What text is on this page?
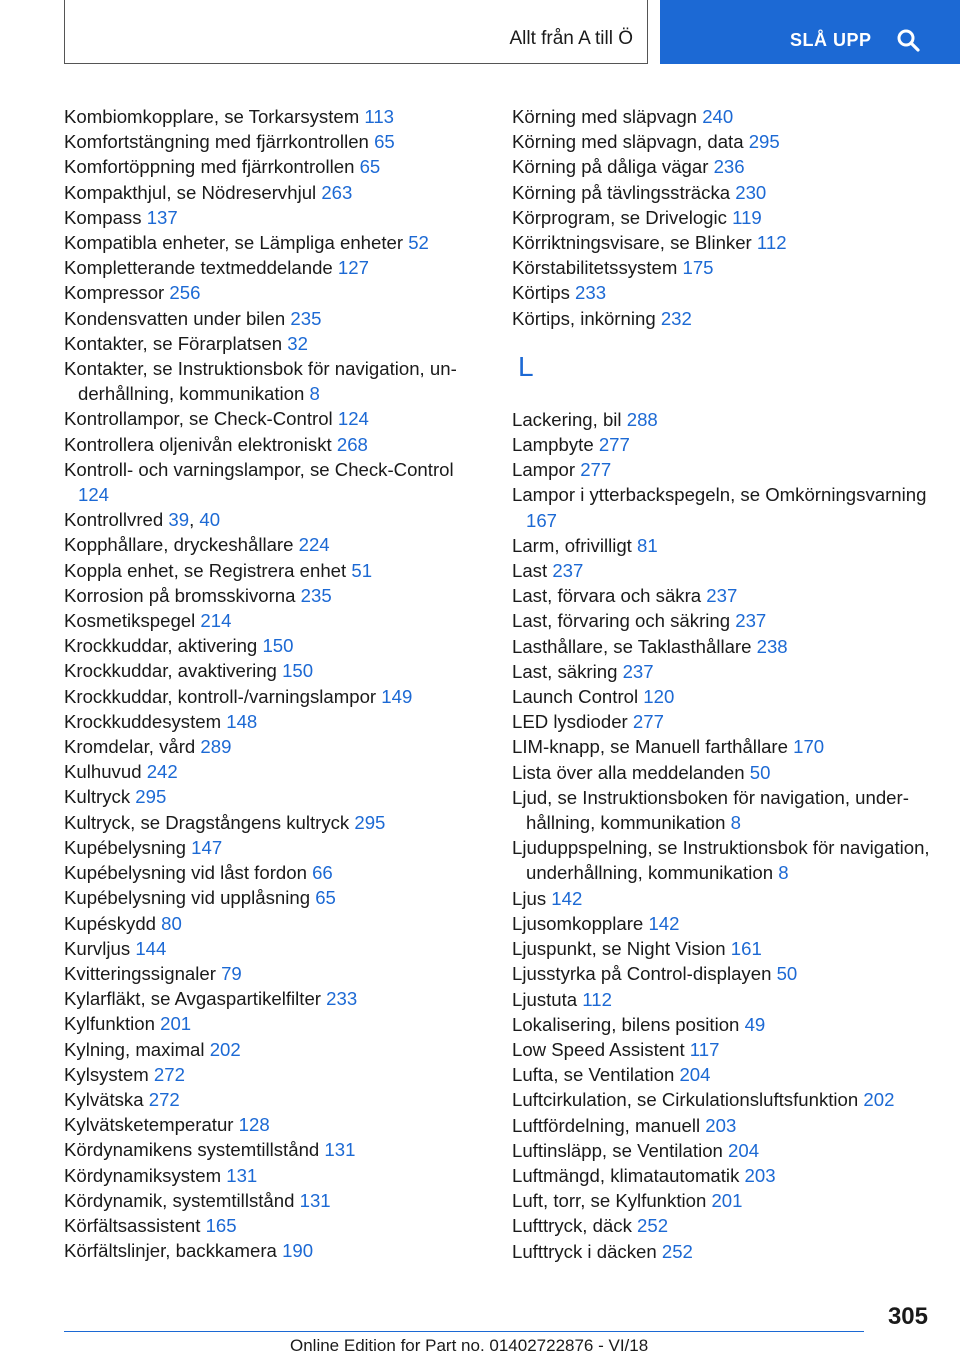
Allt från A till Ö	SLÅ UPP
Kombiomkopplare, se Torkarsystem 113
Komfortstängning med fjärrkontrollen 65
Komfortöppning med fjärrkontrollen 65
Kompakthjul, se Nödreservhjul 263
Kompass 137
Kompatibla enheter, se Lämpliga enheter 52
Kompletterande textmeddelande 127
Kompressor 256
Kondensvatten under bilen 235
Kontakter, se Förarplatsen 32
Kontakter, se Instruktionsbok för navigation, underhållning, kommunikation 8
Kontrollampor, se Check-Control 124
Kontrollera oljenivån elektroniskt 268
Kontroll- och varningslampor, se Check-Control 124
Kontrollvred 39, 40
Kopphållare, dryckeshållare 224
Koppla enhet, se Registrera enhet 51
Korrosion på bromsskivorna 235
Kosmetikspegel 214
Krockkuddar, aktivering 150
Krockkuddar, avaktivering 150
Krockkuddar, kontroll-/varningslampor 149
Krockkuddesystem 148
Kromdelar, vård 289
Kulhuvud 242
Kultryck 295
Kultryck, se Dragstångens kultryck 295
Kupébelysning 147
Kupébelysning vid låst fordon 66
Kupébelysning vid upplåsning 65
Kupéskydd 80
Kurvljus 144
Kvitteringssignaler 79
Kylarfläkt, se Avgaspartikelfilter 233
Kylfunktion 201
Kylning, maximal 202
Kylsystem 272
Kylvätska 272
Kylvätsketemperatur 128
Kördynamikens systemtillstånd 131
Kördynamiksystem 131
Kördynamik, systemtillstånd 131
Körfältsassistent 165
Körfältslinjer, backkamera 190
Körning med släpvagn 240
Körning med släpvagn, data 295
Körning på dåliga vägar 236
Körning på tävlingssträcka 230
Körprogram, se Drivelogic 119
Körriktningsvisare, se Blinker 112
Körstabilitetssystem 175
Körtips 233
Körtips, inkörning 232
L
Lackering, bil 288
Lampbyte 277
Lampor 277
Lampor i ytterbackspegeln, se Omkörningsvarning 167
Larm, ofrivilligt 81
Last 237
Last, förvara och säkra 237
Last, förvaring och säkring 237
Lasthållare, se Taklasthållare 238
Last, säkring 237
Launch Control 120
LED lysdioder 277
LIM-knapp, se Manuell farthållare 170
Lista över alla meddelanden 50
Ljud, se Instruktionsboken för navigation, underhållning, kommunikation 8
Ljuduppspelning, se Instruktionsbok för navigation, underhållning, kommunikation 8
Ljus 142
Ljusomkopplare 142
Ljuspunkt, se Night Vision 161
Ljusstyrka på Control-displayen 50
Ljustuta 112
Lokalisering, bilens position 49
Low Speed Assistent 117
Lufta, se Ventilation 204
Luftcirkulation, se Cirkulationsluftsfunktion 202
Luftfördelning, manuell 203
Luftinsläpp, se Ventilation 204
Luftmängd, klimatautomatik 203
Luft, torr, se Kylfunktion 201
Lufttryck, däck 252
Lufttryck i däcken 252
305
Online Edition for Part no. 01402722876 - VI/18
